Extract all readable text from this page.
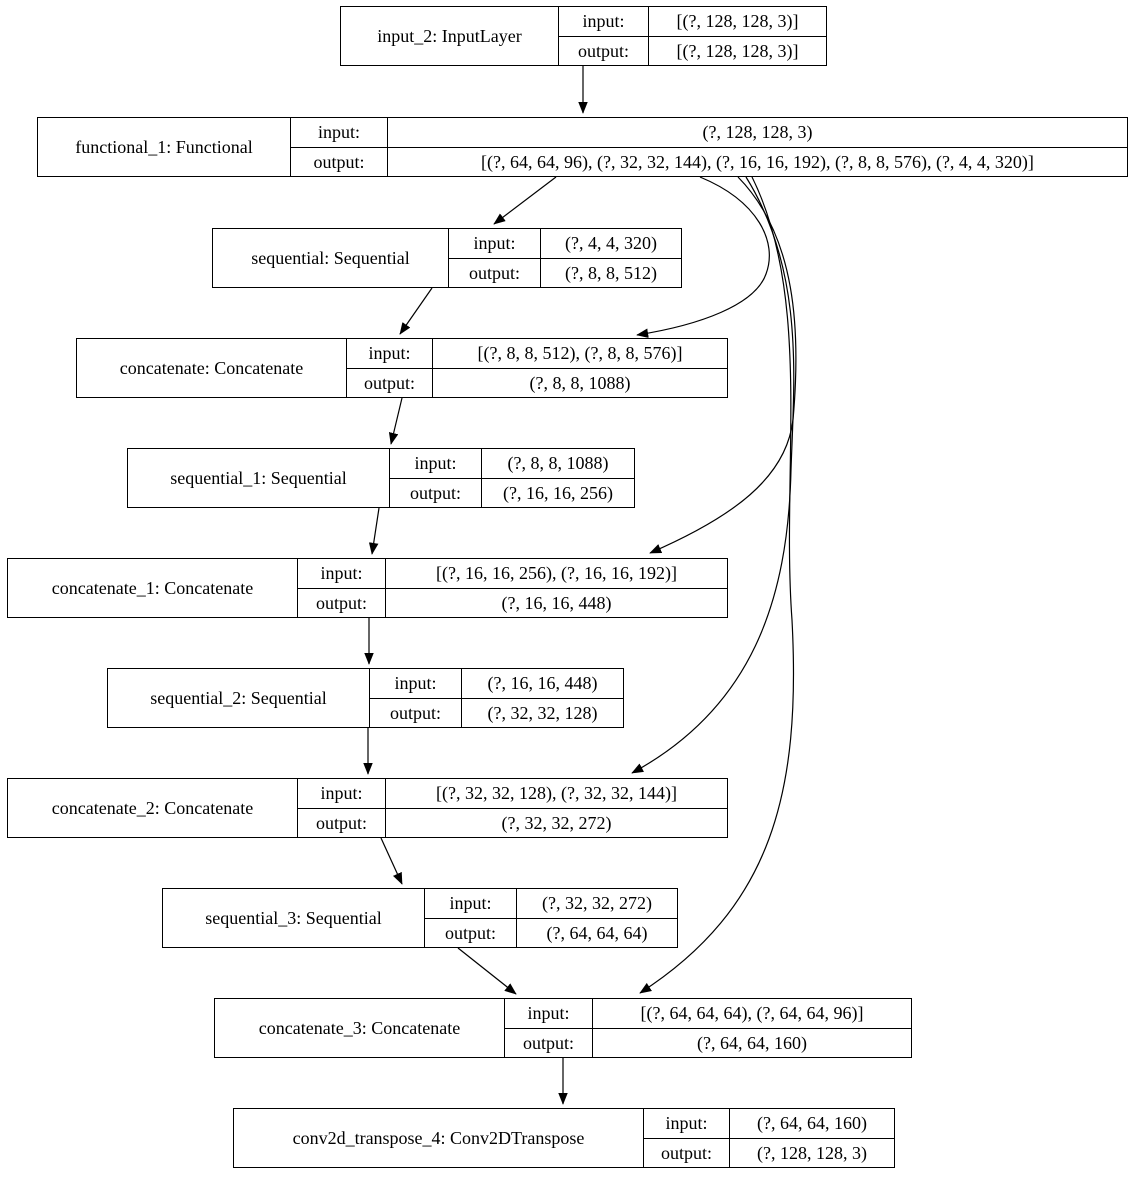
input_2: InputLayer
input:	[(?, 128, 128, 3)]
output:	[(?, 128, 128, 3)]
functional_1: Functional
input:	(?, 128, 128, 3)
output:	[(?, 64, 64, 96), (?, 32, 32, 144), (?, 16, 16, 192), (?, 8, 8, 576), (?, 4, 4, 320)]
sequential: Sequential
input:	(?, 4, 4, 320)
output:	(?, 8, 8, 512)
concatenate: Concatenate
input:	[(?, 8, 8, 512), (?, 8, 8, 576)]
output:	(?, 8, 8, 1088)
sequential_1: Sequential
input:	(?, 8, 8, 1088)
output:	(?, 16, 16, 256)
concatenate_1: Concatenate
input:	[(?, 16, 16, 256), (?, 16, 16, 192)]
output:	(?, 16, 16, 448)
sequential_2: Sequential
input:	(?, 16, 16, 448)
output:	(?, 32, 32, 128)
concatenate_2: Concatenate
input:	[(?, 32, 32, 128), (?, 32, 32, 144)]
output:	(?, 32, 32, 272)
sequential_3: Sequential
input:	(?, 32, 32, 272)
output:	(?, 64, 64, 64)
concatenate_3: Concatenate
input:	[(?, 64, 64, 64), (?, 64, 64, 96)]
output:	(?, 64, 64, 160)
conv2d_transpose_4: Conv2DTranspose
input:	(?, 64, 64, 160)
output:	(?, 128, 128, 3)
